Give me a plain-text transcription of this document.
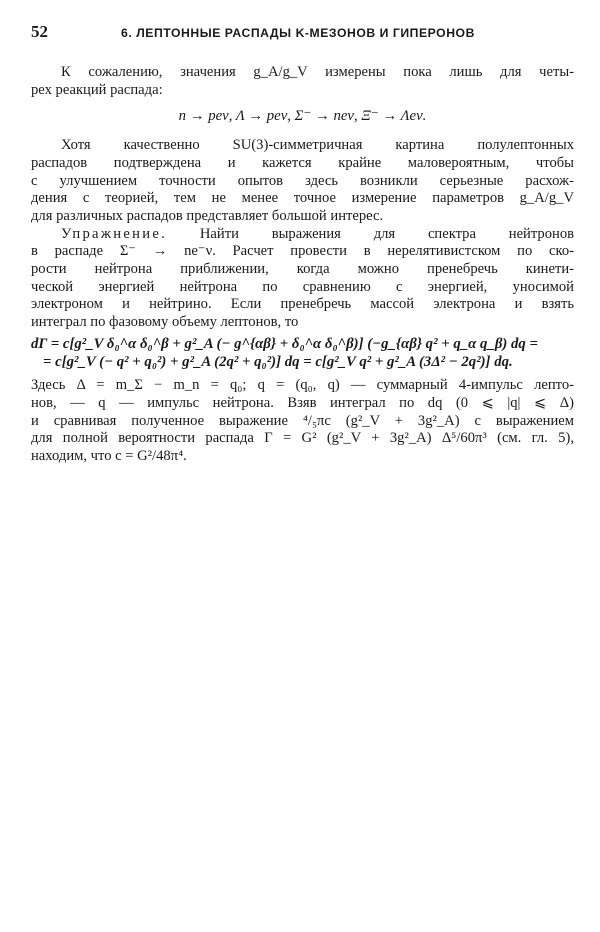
52	6. ЛЕПТОННЫЕ РАСПАДЫ K-МЕЗОНОВ И ГИПЕРОНОВ
К сожалению, значения g_A/g_V измерены пока лишь для четы-
рех реакций распада:
n → peν, Λ → peν, Σ⁻ → neν, Ξ⁻ → Λeν.
Хотя качественно SU(3)-симметричная картина полулептонных
распадов подтверждена и кажется крайне маловероятным, чтобы
с улучшением точности опытов здесь возникли серьезные расхож-
дения с теорией, тем не менее точное измерение параметров g_A/g_V
для различных распадов представляет большой интерес.
Упражнение. Найти выражения для спектра нейтронов
в распаде Σ⁻ → ne⁻ν. Расчет провести в нерелятивистском по ско-
рости нейтрона приближении, когда можно пренебречь кинети-
ческой энергией нейтрона по сравнению с энергией, уносимой
электроном и нейтрино. Если пренебречь массой электрона и взять
интеграл по фазовому объему лептонов, то
dΓ = c[g²_V δ₀^α δ₀^β + g²_A (− g^{αβ} + δ₀^α δ₀^β)] (−g_{αβ} q² + q_α q_β) dq =
= c[g²_V (− q² + q₀²) + g²_A (2q² + q₀²)] dq = c[g²_V q² + g²_A (3Δ² − 2q²)] dq.
Здесь Δ = m_Σ − m_n = q₀; q = (q₀, q) — суммарный 4-импульс лепто-
нов, — q — импульс нейтрона. Взяв интеграл по dq (0 ⩽ |q| ⩽ Δ)
и сравнивая полученное выражение ⁴/₅πc (g²_V + 3g²_A) с выражением
для полной вероятности распада Γ = G² (g²_V + 3g²_A) Δ⁵/60π³ (см. гл. 5),
находим, что c = G²/48π⁴.
